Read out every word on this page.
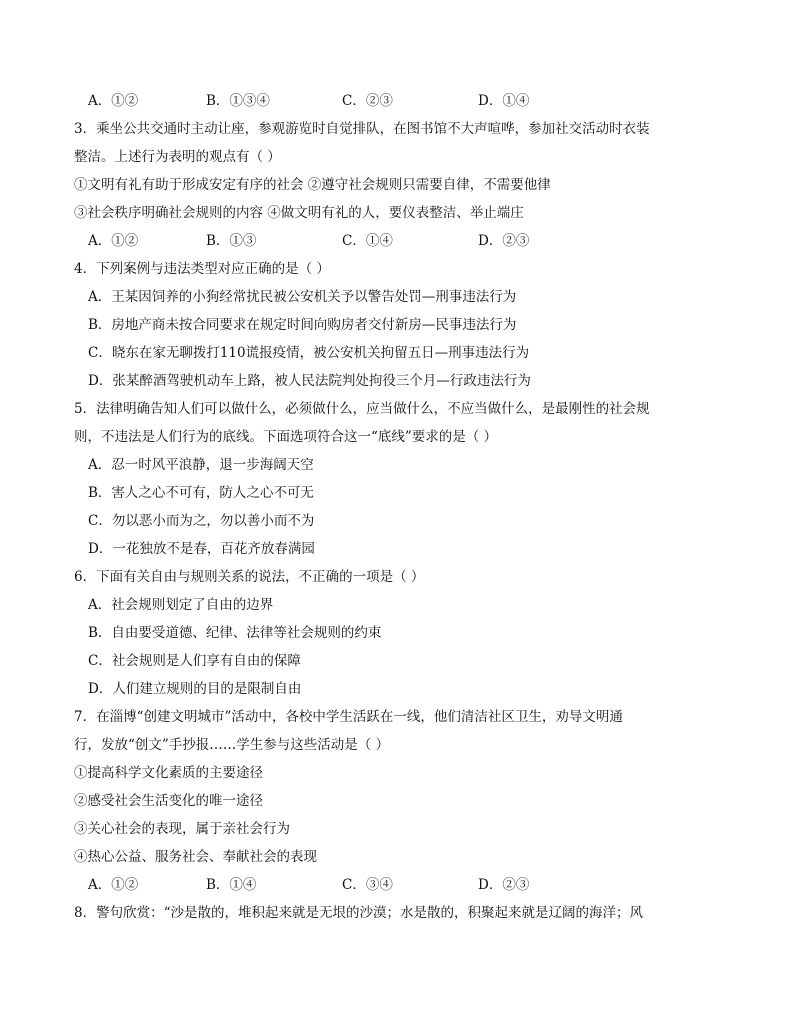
A．①②	B．①③④	C．②③	D．①④
3．乘坐公共交通时主动让座，参观游览时自觉排队，在图书馆不大声喧哗，参加社交活动时衣装
整洁。上述行为表明的观点有（ ）
①文明有礼有助于形成安定有序的社会 ②遵守社会规则只需要自律，不需要他律
③社会秩序明确社会规则的内容 ④做文明有礼的人，要仪表整洁、举止端庄
A．①②	B．①③	C．①④	D．②③
4．下列案例与违法类型对应正确的是（ ）
A．王某因饲养的小狗经常扰民被公安机关予以警告处罚—刑事违法行为
B．房地产商未按合同要求在规定时间向购房者交付新房—民事违法行为
C．晓东在家无聊拨打110谎报疫情，被公安机关拘留五日—刑事违法行为
D．张某醉酒驾驶机动车上路，被人民法院判处拘役三个月—行政违法行为
5．法律明确告知人们可以做什么，必须做什么，应当做什么，不应当做什么，是最刚性的社会规
则，不违法是人们行为的底线。下面选项符合这一“底线”要求的是（ ）
A．忍一时风平浪静，退一步海阔天空
B．害人之心不可有，防人之心不可无
C．勿以恶小而为之，勿以善小而不为
D．一花独放不是春，百花齐放春满园
6．下面有关自由与规则关系的说法，不正确的一项是（ ）
A．社会规则划定了自由的边界
B．自由要受道德、纪律、法律等社会规则的约束
C．社会规则是人们享有自由的保障
D．人们建立规则的目的是限制自由
7．在淄博“创建文明城市”活动中，各校中学生活跃在一线，他们清洁社区卫生，劝导文明通
行，发放“创文”手抄报……学生参与这些活动是（ ）
①提高科学文化素质的主要途径
②感受社会生活变化的唯一途径
③关心社会的表现，属于亲社会行为
④热心公益、服务社会、奉献社会的表现
A．①②	B．①④	C．③④	D．②③
8．警句欣赏：“沙是散的，堆积起来就是无垠的沙漠；水是散的，积聚起来就是辽阔的海洋；风
